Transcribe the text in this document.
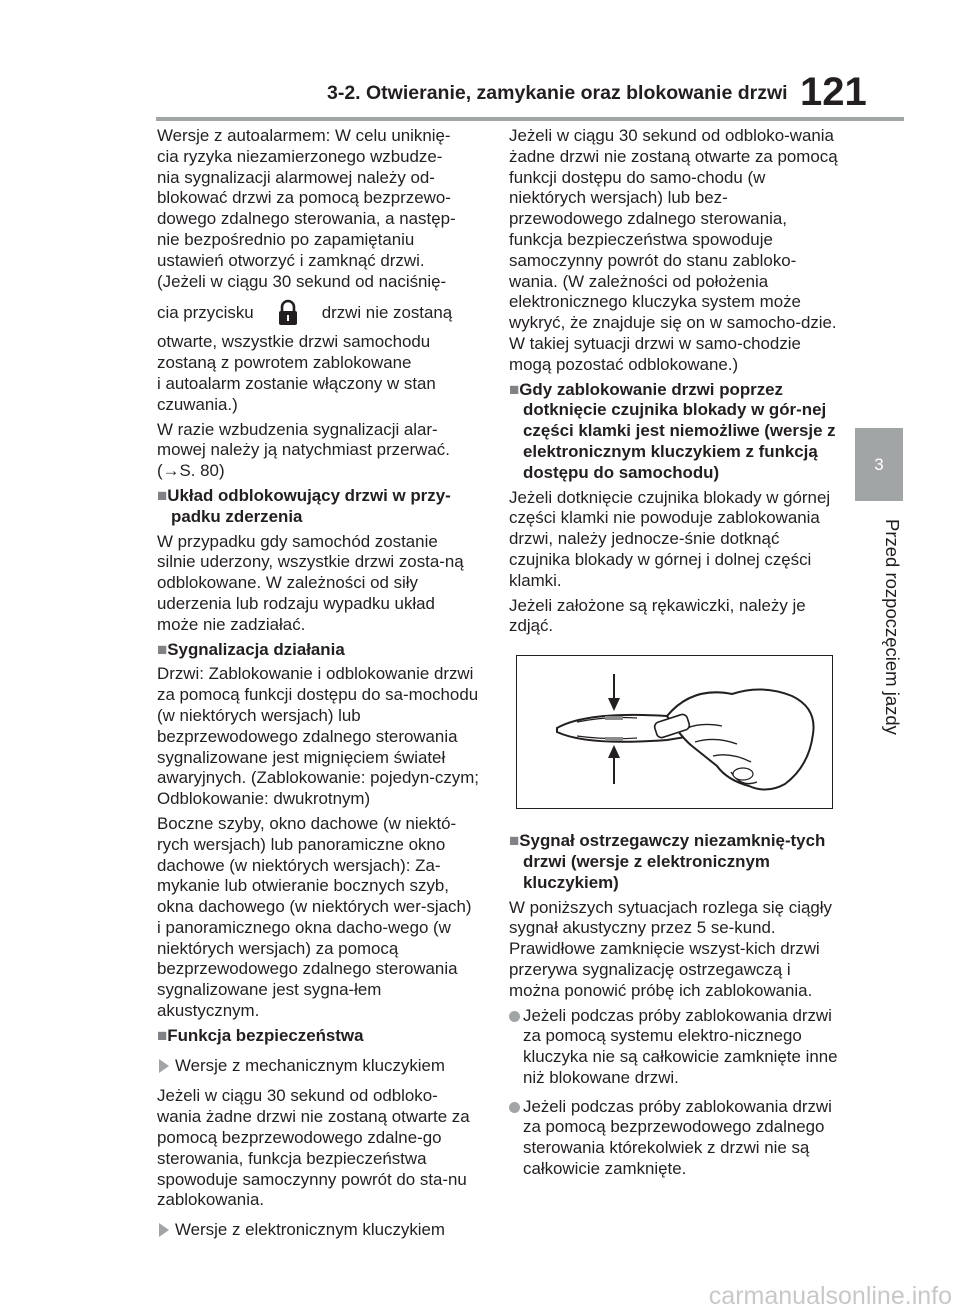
3-2. Otwieranie, zamykanie oraz blokowanie drzwi 121
3
Przed rozpoczęciem jazdy

Wersje z autoalarmem: W celu uniknię-
cia ryzyka niezamierzonego wzbudze-
nia sygnalizacji alarmowej należy od-
blokować drzwi za pomocą bezprzewo-
dowego zdalnego sterowania, a następ-
nie bezpośrednio po zapamiętaniu
ustawień otworzyć i zamknąć drzwi.
(Jeżeli w ciągu 30 sekund od naciśnię-

cia przycisku	drzwi nie zostaną

otwarte, wszystkie drzwi samochodu
zostaną z powrotem zablokowane
i autoalarm zostanie włączony w stan
czuwania.)

W razie wzbudzenia sygnalizacji alar-
mowej należy ją natychmiast przerwać.
(→S. 80)

■Układ odblokowujący drzwi w przy-padku zderzenia

W przypadku gdy samochód zostanie silnie uderzony, wszystkie drzwi zosta-ną odblokowane. W zależności od siły uderzenia lub rodzaju wypadku układ może nie zadziałać.

■Sygnalizacja działania

Drzwi: Zablokowanie i odblokowanie drzwi za pomocą funkcji dostępu do sa-mochodu (w niektórych wersjach) lub bezprzewodowego zdalnego sterowania sygnalizowane jest mignięciem świateł awaryjnych. (Zablokowanie: pojedyn-czym; Odblokowanie: dwukrotnym)

Boczne szyby, okno dachowe (w niektó-rych wersjach) lub panoramiczne okno dachowe (w niektórych wersjach): Za-mykanie lub otwieranie bocznych szyb, okna dachowego (w niektórych wer-sjach) i panoramicznego okna dacho-wego (w niektórych wersjach) za pomocą bezprzewodowego zdalnego sterowania sygnalizowane jest sygna-łem akustycznym.

■Funkcja bezpieczeństwa

Wersje z mechanicznym kluczykiem

Jeżeli w ciągu 30 sekund od odbloko-wania żadne drzwi nie zostaną otwarte za pomocą bezprzewodowego zdalne-go sterowania, funkcja bezpieczeństwa spowoduje samoczynny powrót do sta-nu zablokowania.

Wersje z elektronicznym kluczykiem

Jeżeli w ciągu 30 sekund od odbloko-wania żadne drzwi nie zostaną otwarte za pomocą funkcji dostępu do samo-chodu (w niektórych wersjach) lub bez-przewodowego zdalnego sterowania, funkcja bezpieczeństwa spowoduje samoczynny powrót do stanu zabloko-wania. (W zależności od położenia elektronicznego kluczyka system może wykryć, że znajduje się on w samocho-dzie. W takiej sytuacji drzwi w samo-chodzie mogą pozostać odblokowane.)

■Gdy zablokowanie drzwi poprzez dotknięcie czujnika blokady w gór-nej części klamki jest niemożliwe (wersje z elektronicznym kluczykiem z funkcją dostępu do samochodu)

Jeżeli dotknięcie czujnika blokady w górnej części klamki nie powoduje zablokowania drzwi, należy jednocze-śnie dotknąć czujnika blokady w górnej i dolnej części klamki.

Jeżeli założone są rękawiczki, należy je zdjąć.

■Sygnał ostrzegawczy niezamknię-tych drzwi (wersje z elektronicznym kluczykiem)

W poniższych sytuacjach rozlega się ciągły sygnał akustyczny przez 5 se-kund. Prawidłowe zamknięcie wszyst-kich drzwi przerywa sygnalizację ostrzegawczą i można ponowić próbę ich zablokowania.

Jeżeli podczas próby zablokowania drzwi za pomocą systemu elektro-nicznego kluczyka nie są całkowicie zamknięte inne niż blokowane drzwi.
Jeżeli podczas próby zablokowania drzwi za pomocą bezprzewodowego zdalnego sterowania którekolwiek z drzwi nie są całkowicie zamknięte.
carmanualsonline.info
